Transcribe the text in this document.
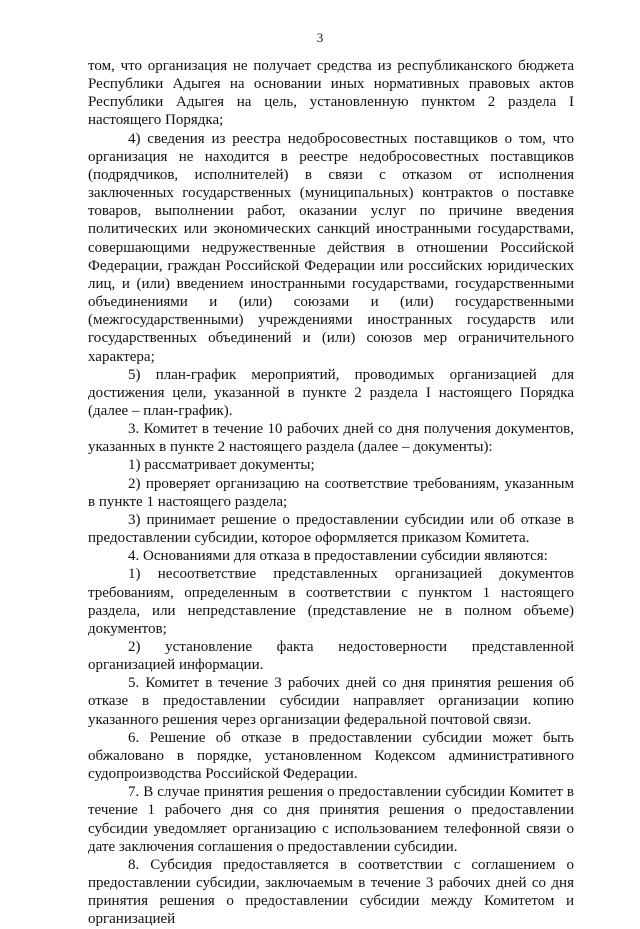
3

том, что организация не получает средства из республиканского бюджета Республики Адыгея на основании иных нормативных правовых актов Республики Адыгея на цель, установленную пунктом 2 раздела I настоящего Порядка;

4) сведения из реестра недобросовестных поставщиков о том, что организация не находится в реестре недобросовестных поставщиков (подрядчиков, исполнителей) в связи с отказом от исполнения заключенных государственных (муниципальных) контрактов о поставке товаров, выполнении работ, оказании услуг по причине введения политических или экономических санкций иностранными государствами, совершающими недружественные действия в отношении Российской Федерации, граждан Российской Федерации или российских юридических лиц, и (или) введением иностранными государствами, государственными объединениями и (или) союзами и (или) государственными (межгосударственными) учреждениями иностранных государств или государственных объединений и (или) союзов мер ограничительного характера;

5) план-график мероприятий, проводимых организацией для достижения цели, указанной в пункте 2 раздела I настоящего Порядка (далее – план-график).

3. Комитет в течение 10 рабочих дней со дня получения документов, указанных в пункте 2 настоящего раздела (далее – документы):

1) рассматривает документы;

2) проверяет организацию на соответствие требованиям, указанным в пункте 1 настоящего раздела;

3) принимает решение о предоставлении субсидии или об отказе в предоставлении субсидии, которое оформляется приказом Комитета.

4. Основаниями для отказа в предоставлении субсидии являются:

1) несоответствие представленных организацией документов требованиям, определенным в соответствии с пунктом 1 настоящего раздела, или непредставление (представление не в полном объеме) документов;

2) установление факта недостоверности представленной организацией информации.

5. Комитет в течение 3 рабочих дней со дня принятия решения об отказе в предоставлении субсидии направляет организации копию указанного решения через организации федеральной почтовой связи.

6. Решение об отказе в предоставлении субсидии может быть обжаловано в порядке, установленном Кодексом административного судопроизводства Российской Федерации.

7. В случае принятия решения о предоставлении субсидии Комитет в течение 1 рабочего дня со дня принятия решения о предоставлении субсидии уведомляет организацию с использованием телефонной связи о дате заключения соглашения о предоставлении субсидии.

8. Субсидия предоставляется в соответствии с соглашением о предоставлении субсидии, заключаемым в течение 3 рабочих дней со дня принятия решения о предоставлении субсидии между Комитетом и организацией
